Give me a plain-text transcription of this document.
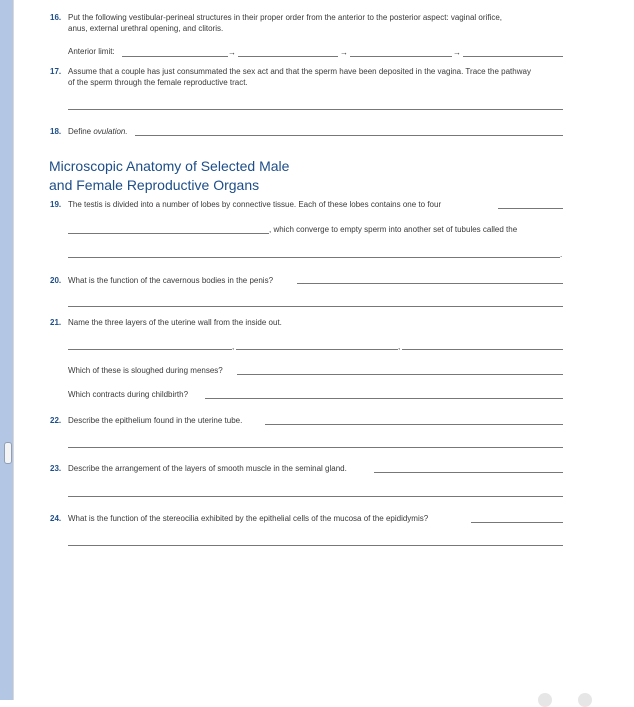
16. Put the following vestibular-perineal structures in their proper order from the anterior to the posterior aspect: vaginal orifice,
anus, external urethral opening, and clitoris.
Anterior limit:	→	→	→
17. Assume that a couple has just consummated the sex act and that the sperm have been deposited in the vagina. Trace the pathway
of the sperm through the female reproductive tract.
18. Define ovulation.
Microscopic Anatomy of Selected Male
and Female Reproductive Organs
19. The testis is divided into a number of lobes by connective tissue. Each of these lobes contains one to four
, which converge to empty sperm into another set of tubules called the
.
20. What is the function of the cavernous bodies in the penis?
21. Name the three layers of the uterine wall from the inside out.
,	,
Which of these is sloughed during menses?
Which contracts during childbirth?
22. Describe the epithelium found in the uterine tube.
23. Describe the arrangement of the layers of smooth muscle in the seminal gland.
24. What is the function of the stereocilia exhibited by the epithelial cells of the mucosa of the epididymis?
